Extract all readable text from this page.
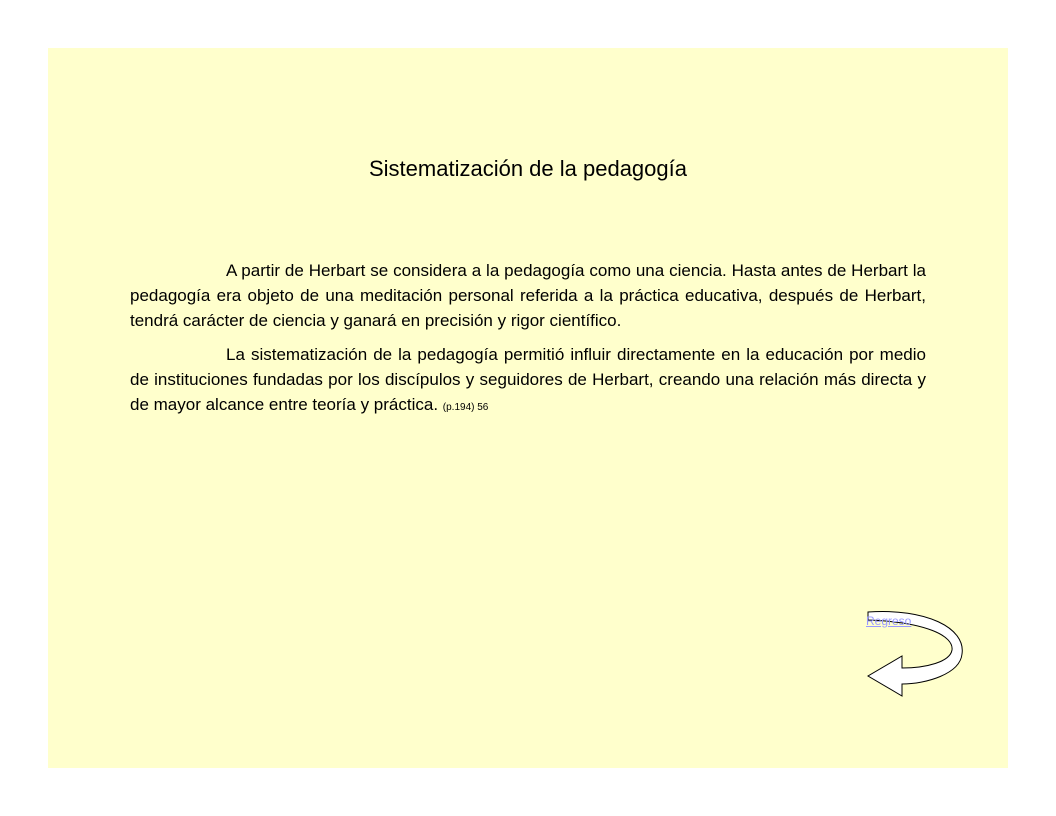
Sistematización de la pedagogía

A partir de Herbart se considera a la pedagogía como una ciencia. Hasta antes de Herbart la pedagogía era objeto de una meditación personal referida a la práctica educativa, después de Herbart, tendrá carácter de ciencia y ganará en precisión y rigor científico.

La sistematización de la pedagogía permitió influir directamente en la educación por medio de instituciones fundadas por los discípulos y seguidores de Herbart, creando una relación más directa y de mayor alcance entre teoría y práctica. (p.194) 56

Regreso
